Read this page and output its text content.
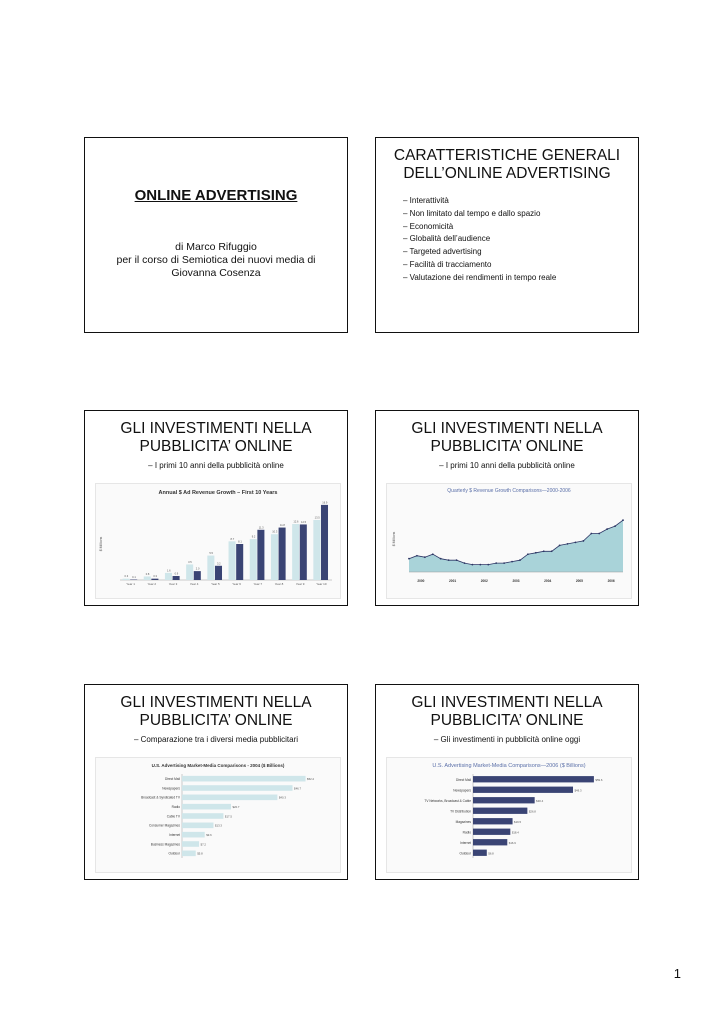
ONLINE ADVERTISING
di Marco Rifuggio
per il corso di Semiotica dei nuovi media di
Giovanna Cosenza
CARATTERISTICHE GENERALI
DELL’ONLINE ADVERTISING
– Interattività
– Non limitato dal tempo e dallo spazio
– Economicità
– Globalità dell’audience
– Targeted advertising
– Facilità di tracciamento
– Valutazione dei rendimenti in tempo reale
GLI INVESTIMENTI NELLA
PUBBLICITA’ ONLINE
– I primi 10 anni della pubblicità online
Annual $ Ad Revenue Growth – First 10 Years
$ Millions
0.3 0.1
Year 1
0.8
0.3
Year 2
1.6
0.9
Year 3
3.5
2.0
Year 4
5.5
3.2
Year 5
8.7
8.1
Year 6
9.2
11.3
Year 7
10.3
11.8
Year 8
12.6 12.5
Year 9
13.5
16.9
Year 10
GLI INVESTIMENTI NELLA
PUBBLICITA’ ONLINE
– I primi 10 anni della pubblicità online
Quarterly $ Revenue Growth Comparisons—2000-2006
$ Millions
2000	2001	2002	2003	2004	2005	2006
GLI INVESTIMENTI NELLA
PUBBLICITA’ ONLINE
– Comparazione tra i diversi media pubblicitari
U.S. Advertising Market-Media Comparisons - 2004 ($ Billions)
Direct Mail	$52.2
Newspapers	$46.7
Broadcast & Syndicated TV	$40.3
Radio	$20.7
Cable TV	$17.5
Consumer Magazines	$13.3
Internet	$9.6
Business Magazines	$7.2
Outdoor	$5.8
GLI INVESTIMENTI NELLA
PUBBLICITA’ ONLINE
– Gli investimenti in pubblicità online oggi
U.S. Advertising Market-Media Comparisons—2006 ($ Billions)
Direct Mail	$59.6
Newspapers	$49.3
TV Networks, Broadcast & Cable	$30.4
TV Distribution	$26.8
Magazines	$19.5
Radio	$18.4
Internet	$16.9
Outdoor	$6.8
1
